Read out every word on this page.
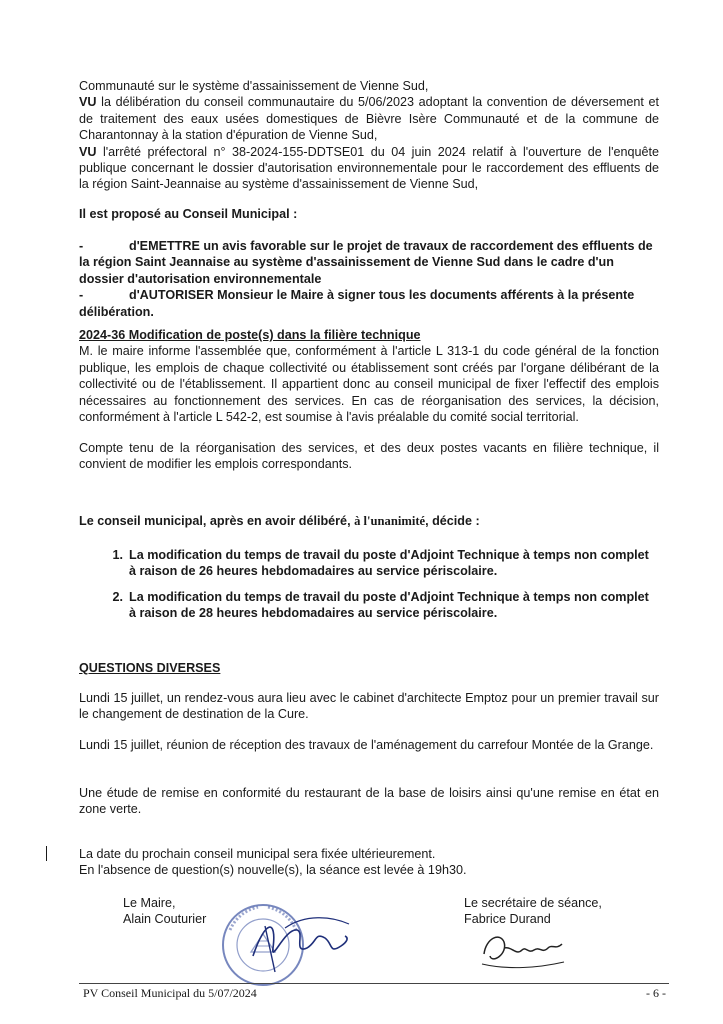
Communauté sur le système d'assainissement de Vienne Sud,

VU la délibération du conseil communautaire du 5/06/2023 adoptant la convention de déversement et de traitement des eaux usées domestiques de Bièvre Isère Communauté et de la commune de Charantonnay à la station d'épuration de Vienne Sud,

VU l'arrêté préfectoral n° 38-2024-155-DDTSE01 du 04 juin 2024 relatif à l'ouverture de l'enquête publique concernant le dossier d'autorisation environnementale pour le raccordement des effluents de la région Saint-Jeannaise au système d'assainissement de Vienne Sud,

Il est proposé au Conseil Municipal :

-	d'EMETTRE un avis favorable sur le projet de travaux de raccordement des effluents de la région Saint Jeannaise au système d'assainissement de Vienne Sud dans le cadre d'un dossier d'autorisation environnementale

-	d'AUTORISER Monsieur le Maire à signer tous les documents afférents à la présente délibération.

2024-36 Modification de poste(s) dans la filière technique

M. le maire informe l'assemblée que, conformément à l'article L 313-1 du code général de la fonction publique, les emplois de chaque collectivité ou établissement sont créés par l'organe délibérant de la collectivité ou de l'établissement. Il appartient donc au conseil municipal de fixer l'effectif des emplois nécessaires au fonctionnement des services. En cas de réorganisation des services, la décision, conformément à l'article L 542-2, est soumise à l'avis préalable du comité social territorial.

Compte tenu de la réorganisation des services, et des deux postes vacants en filière technique, il convient de modifier les emplois correspondants.

Le conseil municipal, après en avoir délibéré, à l'unanimité, décide :

1. La modification du temps de travail du poste d'Adjoint Technique à temps non complet à raison de 26 heures hebdomadaires au service périscolaire.
2. La modification du temps de travail du poste d'Adjoint Technique à temps non complet à raison de 28 heures hebdomadaires au service périscolaire.

QUESTIONS DIVERSES

Lundi 15 juillet, un rendez-vous aura lieu avec le cabinet d'architecte Emptoz pour un premier travail sur le changement de destination de la Cure.

Lundi 15 juillet, réunion de réception des travaux de l'aménagement du carrefour Montée de la Grange.

Une étude de remise en conformité du restaurant de la base de loisirs ainsi qu'une remise en état en zone verte.

La date du prochain conseil municipal sera fixée ultérieurement.

En l'absence de question(s) nouvelle(s), la séance est levée à 19h30.

Le Maire,

Alain Couturier

Le secrétaire de séance,

Fabrice Durand

PV Conseil Municipal du 5/07/2024	- 6 -
